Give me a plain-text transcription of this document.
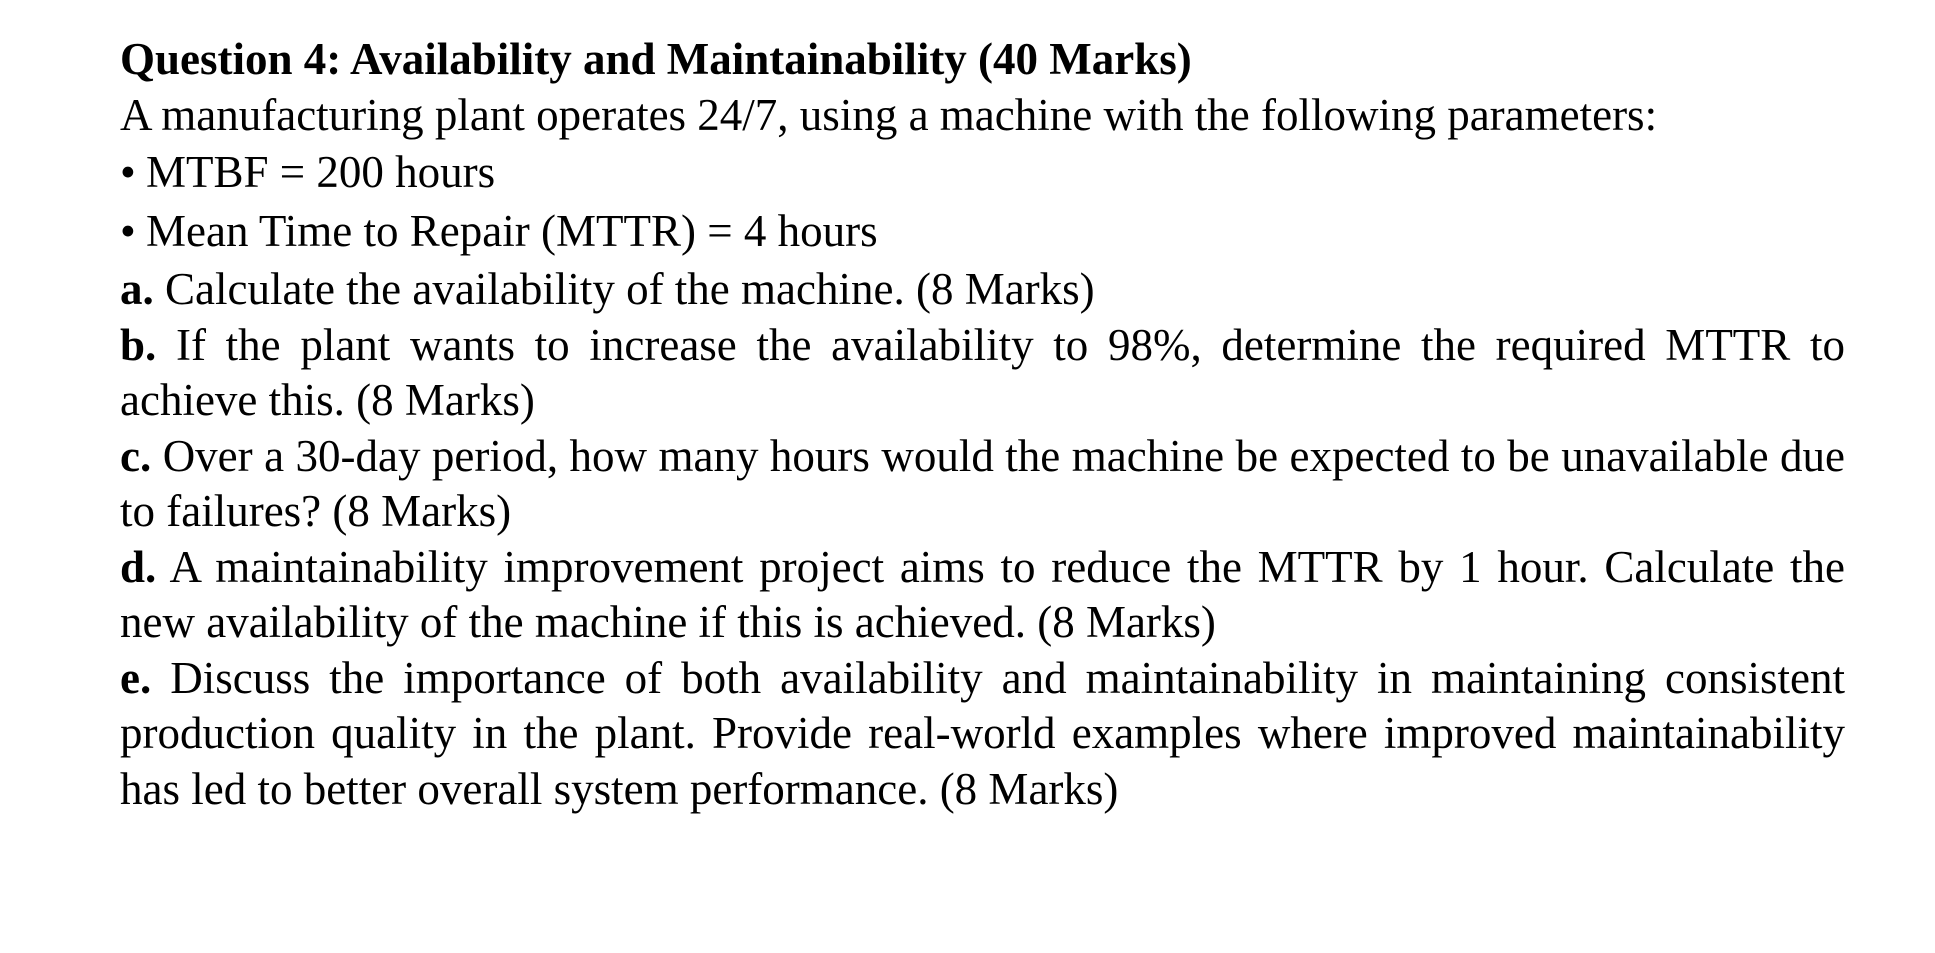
Question 4: Availability and Maintainability (40 Marks)

A manufacturing plant operates 24/7, using a machine with the following parameters:

• MTBF = 200 hours

• Mean Time to Repair (MTTR) = 4 hours

a. Calculate the availability of the machine. (8 Marks)

b. If the plant wants to increase the availability to 98%, determine the required MTTR to achieve this. (8 Marks)

c. Over a 30-day period, how many hours would the machine be expected to be unavailable due to failures? (8 Marks)

d. A maintainability improvement project aims to reduce the MTTR by 1 hour. Calculate the new availability of the machine if this is achieved. (8 Marks)

e. Discuss the importance of both availability and maintainability in maintaining consistent production quality in the plant. Provide real-world examples where improved maintainability has led to better overall system performance. (8 Marks)
